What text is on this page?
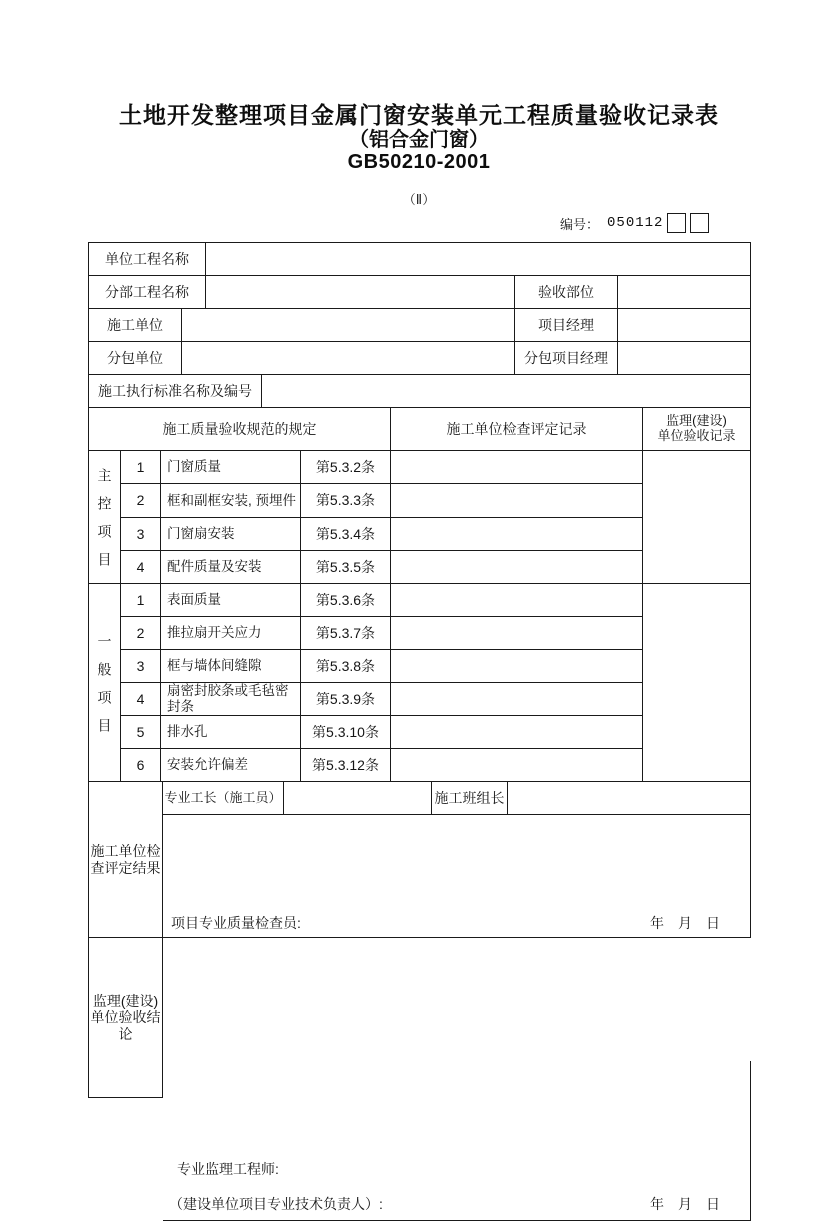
土地开发整理项目金属门窗安装单元工程质量验收记录表
（铝合金门窗）
GB50210-2001
（Ⅱ）
编号： 050112
单位工程名称
分部工程名称	验收部位
施工单位	项目经理
分包单位	分包项目经理
施工执行标准名称及编号
施工质量验收规范的规定	施工单位检查评定记录
监理(建设)
单位验收记录
主控项目
1	门窗质量	第5.3.2条
2	框和副框安装, 预埋件	第5.3.3条
3	门窗扇安装	第5.3.4条
4	配件质量及安装	第5.3.5条
一般项目
1	表面质量	第5.3.6条
2	推拉扇开关应力	第5.3.7条
3	框与墙体间缝隙	第5.3.8条
4	扇密封胶条或毛毡密封条	第5.3.9条
5	排水孔	第5.3.10条
6	安装允许偏差	第5.3.12条
施工单位检
查评定结果
专业工长（施工员）	施工班组长
项目专业质量检查员:	年　月　日
监理(建设)
单位验收结论
专业监理工程师:
（建设单位项目专业技术负责人）:	年　月　日
